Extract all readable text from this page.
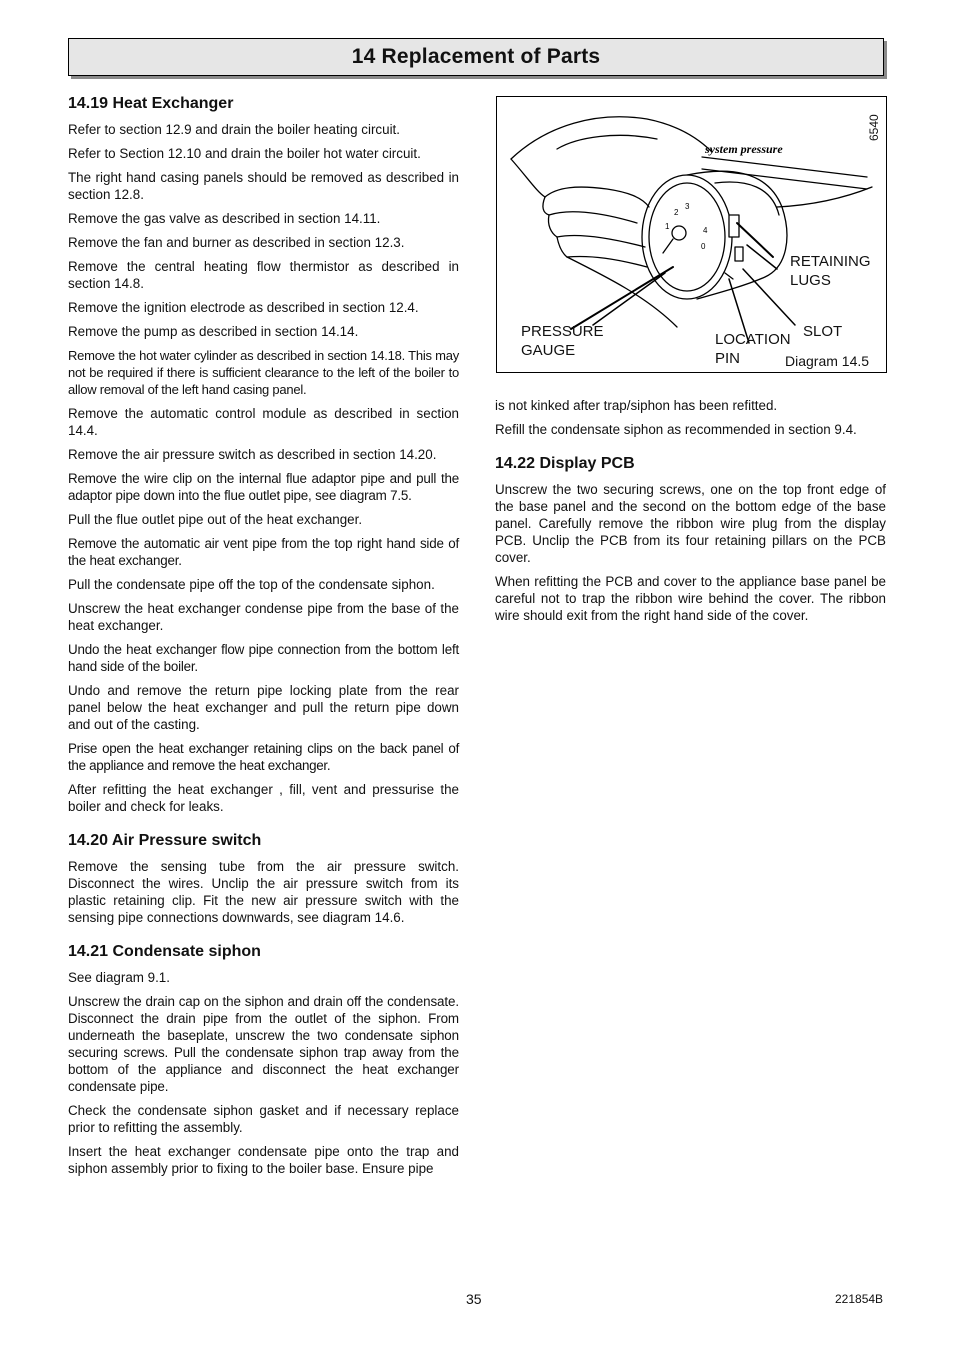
14 Replacement of Parts
14.19 Heat Exchanger

Refer to section 12.9 and drain the boiler heating circuit.

Refer to Section 12.10 and drain the boiler hot water circuit.

The right hand casing panels should be removed as described in section 12.8.

Remove the gas valve as described in section 14.11.

Remove the fan and burner as described in section 12.3.

Remove the central heating flow thermistor as described in section 14.8.

Remove the ignition electrode as described in section 12.4.

Remove the pump as described in section 14.14.

Remove the hot water cylinder as described in section 14.18. This may not be required if there is sufficient clearance to the left of the boiler to allow removal of the left hand casing panel.

Remove the automatic control module as described in section 14.4.

Remove the air pressure switch as described in section 14.20.

Remove the wire clip on the internal flue adaptor pipe and pull the adaptor pipe down into the flue outlet pipe, see diagram 7.5.

Pull the flue outlet pipe out of the heat exchanger.

Remove the automatic air vent pipe from the top right hand side of the heat exchanger.

Pull the condensate pipe off the top of the condensate siphon.

Unscrew the heat exchanger condense pipe from the base of the heat exchanger.

Undo the heat exchanger flow pipe connection from the bottom left hand side of the boiler.

Undo and remove the return pipe locking plate from the rear panel below the heat exchanger and pull the return pipe down and out of the casting.

Prise open the heat exchanger retaining clips on the back panel of the appliance and remove the heat exchanger.

After refitting the heat exchanger , fill, vent and pressurise the boiler and check for leaks.

14.20 Air Pressure switch

Remove the sensing tube from the air pressure switch. Disconnect the wires. Unclip the air pressure switch from its plastic retaining clip. Fit the new air pressure switch with the sensing pipe connections downwards, see diagram 14.6.

14.21 Condensate siphon

See diagram 9.1.

Unscrew the drain cap on the siphon and drain off the condensate. Disconnect the drain pipe from the outlet of the siphon. From underneath the baseplate, unscrew the two condensate siphon securing screws. Pull the condensate siphon trap away from the bottom of the appliance and disconnect the heat exchanger condensate pipe.

Check the condensate siphon gasket and if necessary replace prior to refitting the assembly.

Insert the heat exchanger condensate pipe onto the trap and siphon assembly prior to fixing to the boiler base. Ensure pipe

system pressure
1
2
3
4
0
RETAINING
LUGS
PRESSURE
GAUGE
LOCATION
PIN
SLOT
Diagram 14.5
6540

is not kinked after trap/siphon has been refitted.

Refill the condensate siphon as recommended in section 9.4.

14.22 Display PCB

Unscrew the two securing screws, one on the top front edge of the base panel and the second on the bottom edge of the base panel. Carefully remove the ribbon wire plug from the display PCB. Unclip the PCB from its four retaining pillars on the PCB cover.

When refitting the PCB and cover to the appliance base panel be careful not to trap the ribbon wire behind the cover. The ribbon wire should exit from the right hand side of the cover.

35	221854B
